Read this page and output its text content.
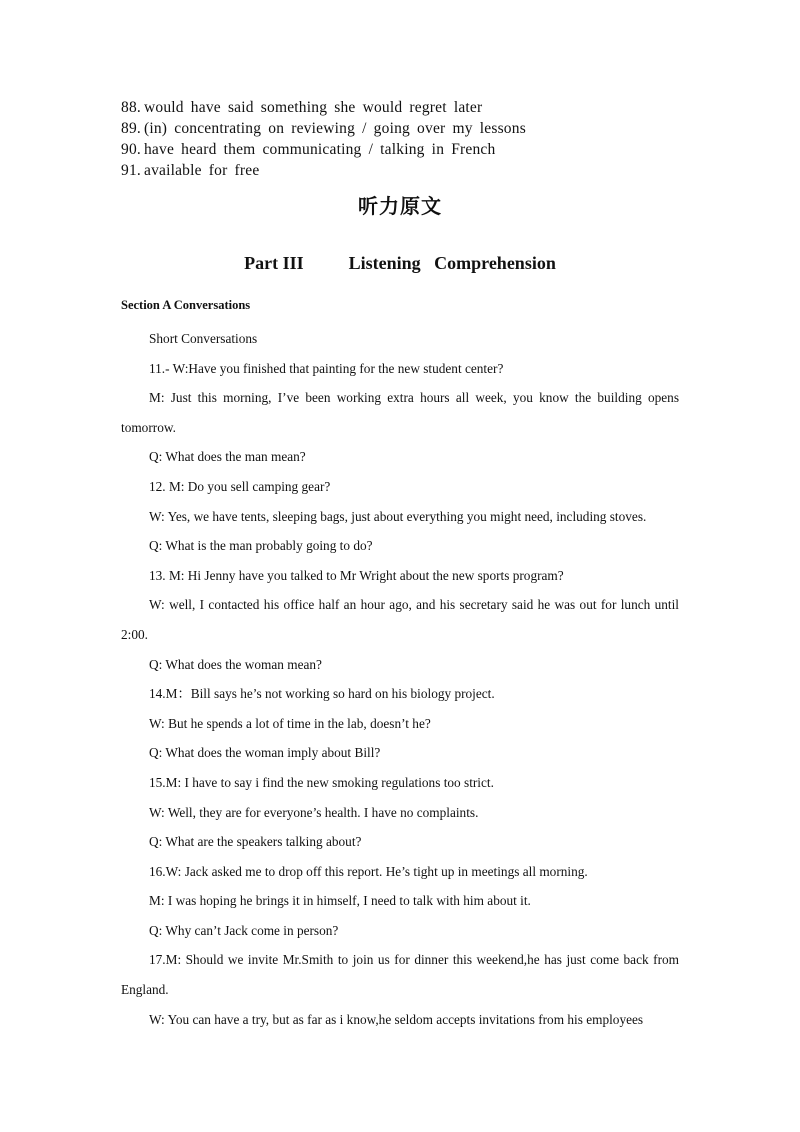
88. would have said something she would regret later
89. (in) concentrating on reviewing / going over my lessons
90. have heard them communicating / talking in French
91. available for free
听力原文
Part III          Listening   Comprehension
Section A Conversations

Short Conversations

11.- W:Have you finished that painting for the new student center?

M: Just this morning, I’ve been working extra hours all week, you know the building opens tomorrow.

Q: What does the man mean?

12. M: Do you sell camping gear?

W: Yes, we have tents, sleeping bags, just about everything you might need, including stoves.

Q: What is the man probably going to do?

13. M: Hi Jenny have you talked to Mr Wright about the new sports program?

W: well, I contacted his office half an hour ago, and his secretary said he was out for lunch until 2:00.

Q: What does the woman mean?

14.M：Bill says he’s not working so hard on his biology project.

W: But he spends a lot of time in the lab, doesn’t he?

Q: What does the woman imply about Bill?

15.M: I have to say i find the new smoking regulations too strict.

W: Well, they are for everyone’s health. I have no complaints.

Q: What are the speakers talking about?

16.W: Jack asked me to drop off this report. He’s tight up in meetings all morning.

M: I was hoping he brings it in himself, I need to talk with him about it.

Q: Why can’t Jack come in person?

17.M: Should we invite Mr.Smith to join us for dinner this weekend,he has just come back from England.

W: You can have a try, but as far as i know,he seldom accepts invitations from his employees
